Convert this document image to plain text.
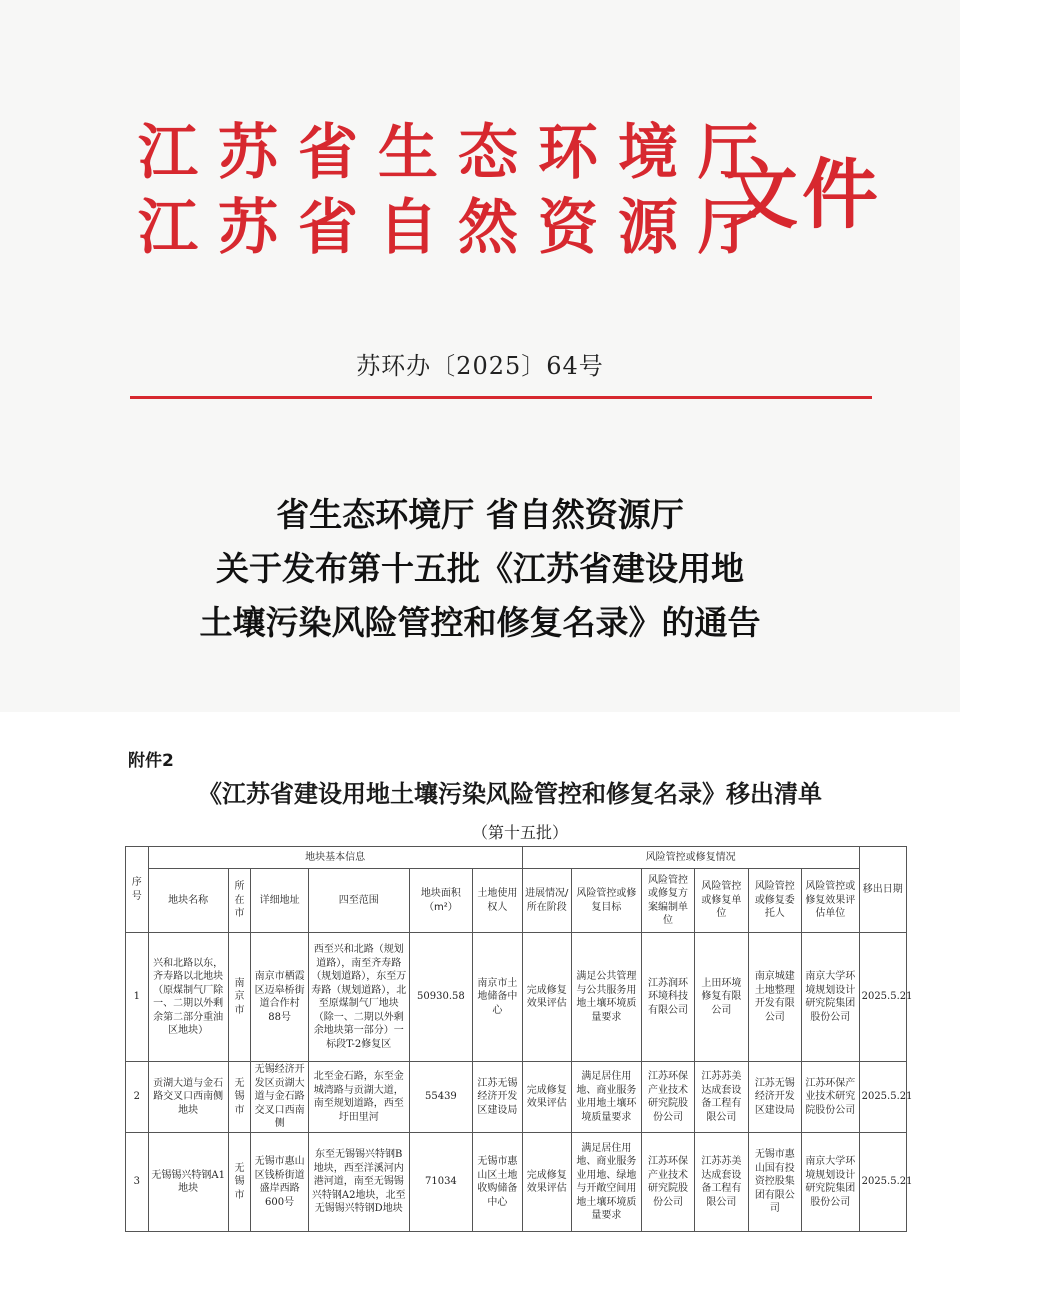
江苏省生态环境厅
江苏省自然资源厅
文件
苏环办〔2025〕64号
省生态环境厅 省自然资源厅
关于发布第十五批《江苏省建设用地
土壤污染风险管控和修复名录》的通告
附件2
《江苏省建设用地土壤污染风险管控和修复名录》移出清单
（第十五批）
序号	地块基本信息						风险管控或修复情况						移出日期
	地块名称	所在市	详细地址	四至范围	地块面积（m²）	土地使用权人	进展情况/所在阶段	风险管控或修复目标	风险管控或修复方案编制单位	风险管控或修复单位	风险管控或修复委托人	风险管控或修复效果评估单位	
1	兴和北路以东，齐寿路以北地块（原煤制气厂除一、二期以外剩余第二部分重油区地块）	南京市	南京市栖霞区迈皋桥街道合作村88号	西至兴和北路（规划道路），南至齐寿路（规划道路），东至万寿路（规划道路），北至原煤制气厂地块（除一、二期以外剩余地块第一部分）一标段T-2修复区	50930.58	南京市土地储备中心	完成修复效果评估	满足公共管理与公共服务用地土壤环境质量要求	江苏润环环境科技有限公司	上田环境修复有限公司	南京城建土地整理开发有限公司	南京大学环境规划设计研究院集团股份公司	2025.5.21
2	贡湖大道与金石路交叉口西南侧地块	无锡市	无锡经济开发区贡湖大道与金石路交叉口西南侧	北至金石路，东至金城湾路与贡湖大道，南至规划道路，西至圩田里河	55439	江苏无锡经济开发区建设局	完成修复效果评估	满足居住用地、商业服务业用地土壤环境质量要求	江苏环保产业技术研究院股份公司	江苏苏美达成套设备工程有限公司	江苏无锡经济开发区建设局	江苏环保产业技术研究院股份公司	2025.5.21
3	无锡锡兴特钢A1地块	无锡市	无锡市惠山区钱桥街道盛岸西路600号	东至无锡锡兴特钢B地块，西至洋溪河内港河道，南至无锡锡兴特钢A2地块，北至无锡锡兴特钢D地块	71034	无锡市惠山区土地收购储备中心	完成修复效果评估	满足居住用地、商业服务业用地、绿地与开敞空间用地土壤环境质量要求	江苏环保产业技术研究院股份公司	江苏苏美达成套设备工程有限公司	无锡市惠山国有投资控股集团有限公司	南京大学环境规划设计研究院集团股份公司	2025.5.21
